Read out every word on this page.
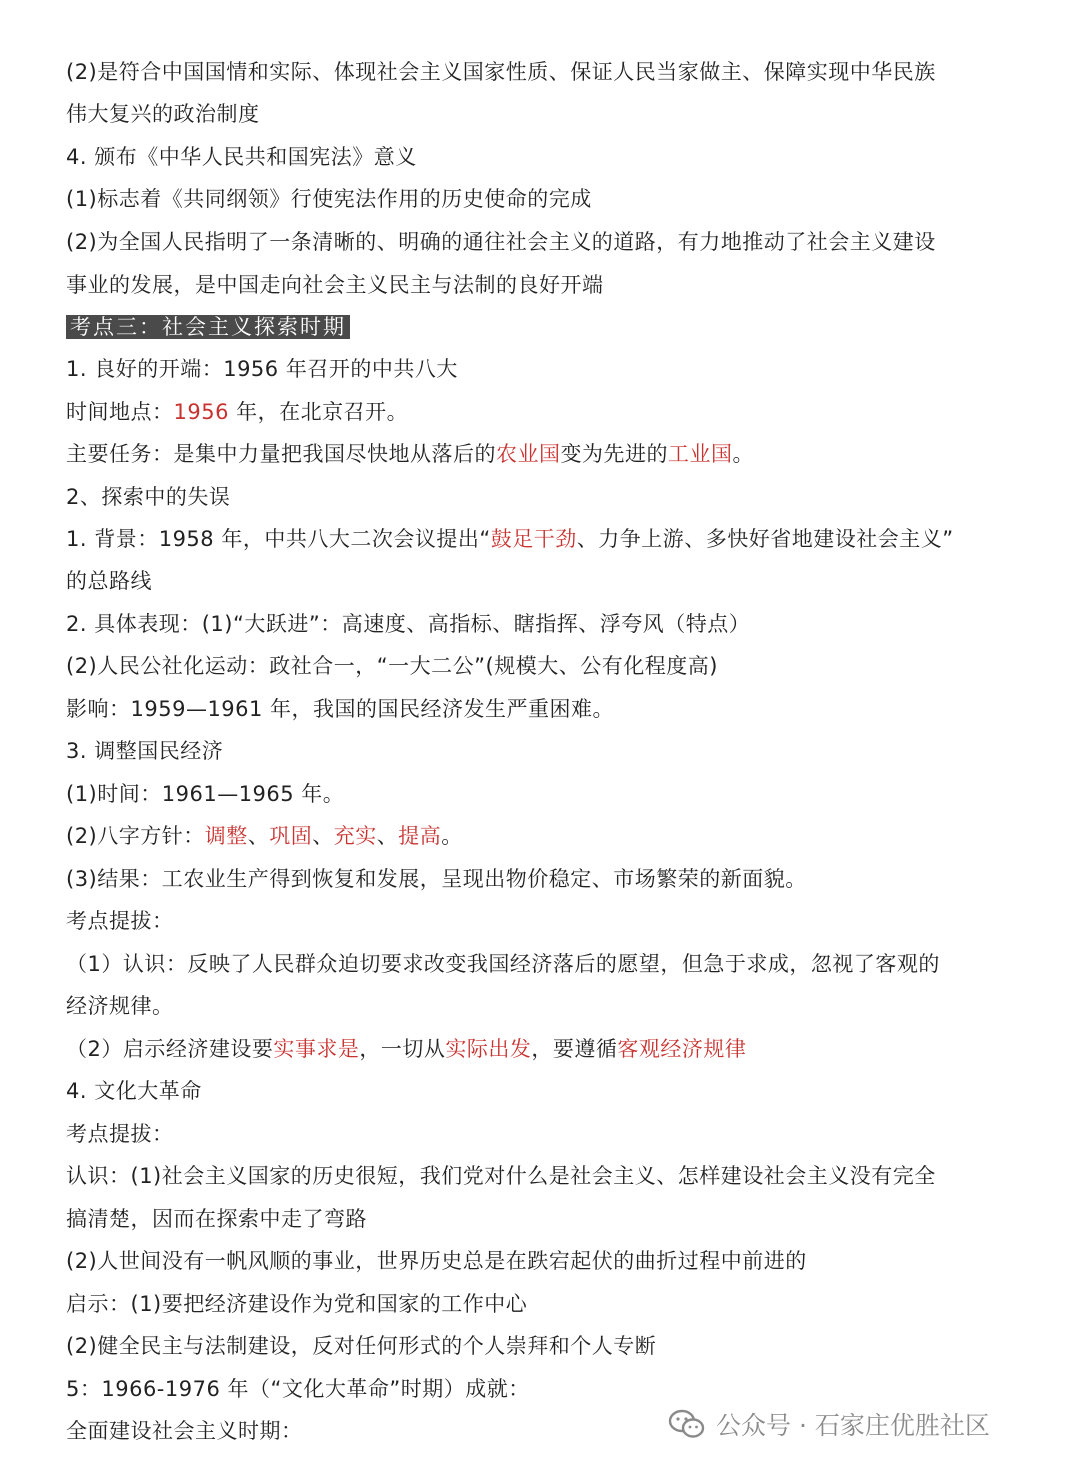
(2)是符合中国国情和实际、体现社会主义国家性质、保证人民当家做主、保障实现中华民族
伟大复兴的政治制度
4. 颁布《中华人民共和国宪法》意义
(1)标志着《共同纲领》行使宪法作用的历史使命的完成
(2)为全国人民指明了一条清晰的、明确的通往社会主义的道路，有力地推动了社会主义建设
事业的发展，是中国走向社会主义民主与法制的良好开端
考点三：社会主义探索时期
1. 良好的开端：1956 年召开的中共八大
时间地点：1956 年，在北京召开。
主要任务：是集中力量把我国尽快地从落后的农业国变为先进的工业国。
2、探索中的失误
1. 背景：1958 年，中共八大二次会议提出“鼓足干劲、力争上游、多快好省地建设社会主义”
的总路线
2. 具体表现：(1)“大跃进”：高速度、高指标、瞎指挥、浮夸风（特点）
(2)人民公社化运动：政社合一，“一大二公”(规模大、公有化程度高)
影响：1959—1961 年，我国的国民经济发生严重困难。
3. 调整国民经济
(1)时间：1961—1965 年。
(2)八字方针：调整、巩固、充实、提高。
(3)结果：工农业生产得到恢复和发展，呈现出物价稳定、市场繁荣的新面貌。
考点提拔：
（1）认识：反映了人民群众迫切要求改变我国经济落后的愿望，但急于求成，忽视了客观的
经济规律。
（2）启示经济建设要实事求是，一切从实际出发，要遵循客观经济规律
4. 文化大革命
考点提拔：
认识：(1)社会主义国家的历史很短，我们党对什么是社会主义、怎样建设社会主义没有完全
搞清楚，因而在探索中走了弯路
(2)人世间没有一帆风顺的事业，世界历史总是在跌宕起伏的曲折过程中前进的
启示：(1)要把经济建设作为党和国家的工作中心
(2)健全民主与法制建设，反对任何形式的个人崇拜和个人专断
5：1966-1976 年（“文化大革命”时期）成就：
全面建设社会主义时期：	公众号 · 石家庄优胜社区
